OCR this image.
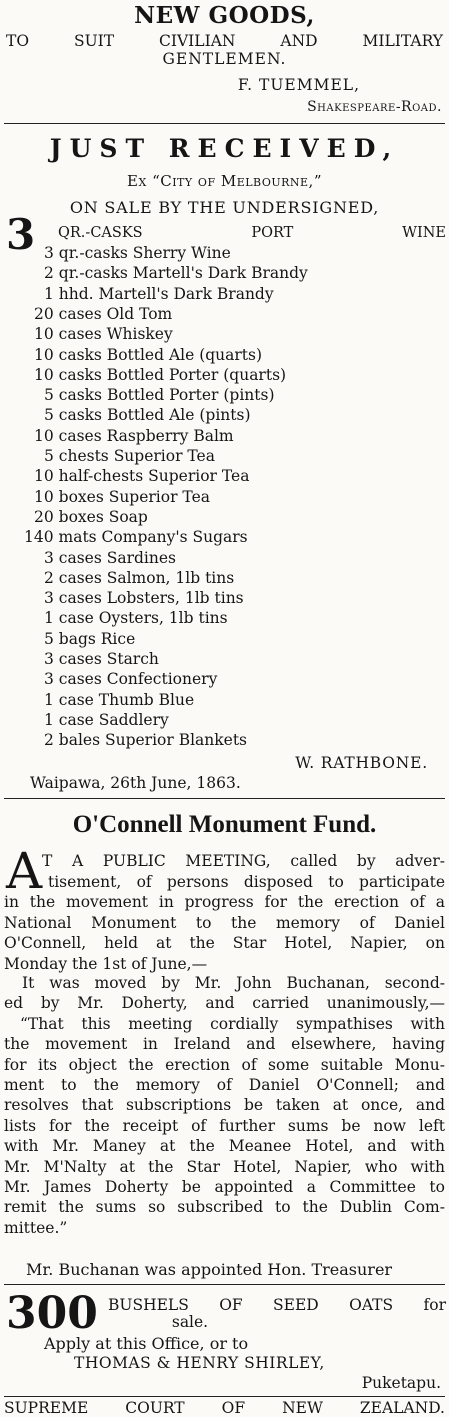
NEW GOODS,
TO SUIT CIVILIAN AND MILITARY
GENTLEMEN.
F. TUEMMEL,
Shakespeare-Road.
JUST RECEIVED,
Ex “City of Melbourne,”
ON SALE BY THE UNDERSIGNED,
3 QR.-CASKS PORT WINE
3 qr.-casks Sherry Wine
2 qr.-casks Martell's Dark Brandy
1 hhd. Martell's Dark Brandy
20 cases Old Tom
10 cases Whiskey
10 casks Bottled Ale (quarts)
10 casks Bottled Porter (quarts)
5 casks Bottled Porter (pints)
5 casks Bottled Ale (pints)
10 cases Raspberry Balm
5 chests Superior Tea
10 half-chests Superior Tea
10 boxes Superior Tea
20 boxes Soap
140 mats Company's Sugars
3 cases Sardines
2 cases Salmon, 1lb tins
3 cases Lobsters, 1lb tins
1 case Oysters, 1lb tins
5 bags Rice
3 cases Starch
3 cases Confectionery
1 case Thumb Blue
1 case Saddlery
2 bales Superior Blankets
W. RATHBONE.
Waipawa, 26th June, 1863.
O'Connell Monument Fund.
A T A PUBLIC MEETING, called by adver-
tisement, of persons disposed to participate
in the movement in progress for the erection of a
National Monument to the memory of Daniel
O'Connell, held at the Star Hotel, Napier, on
Monday the 1st of June,—
It was moved by Mr. John Buchanan, second-
ed by Mr. Doherty, and carried unanimously,—
“That this meeting cordially sympathises with
the movement in Ireland and elsewhere, having
for its object the erection of some suitable Monu-
ment to the memory of Daniel O'Connell; and
resolves that subscriptions be taken at once, and
lists for the receipt of further sums be now left
with Mr. Maney at the Meanee Hotel, and with
Mr. M'Nalty at the Star Hotel, Napier, who with
Mr. James Doherty be appointed a Committee to
remit the sums so subscribed to the Dublin Com-
mittee.”
Mr. Buchanan was appointed Hon. Treasurer
300 BUSHELS OF SEED OATS for
sale.
Apply at this Office, or to
THOMAS & HENRY SHIRLEY,
Puketapu.
SUPREME COURT OF NEW ZEALAND.
